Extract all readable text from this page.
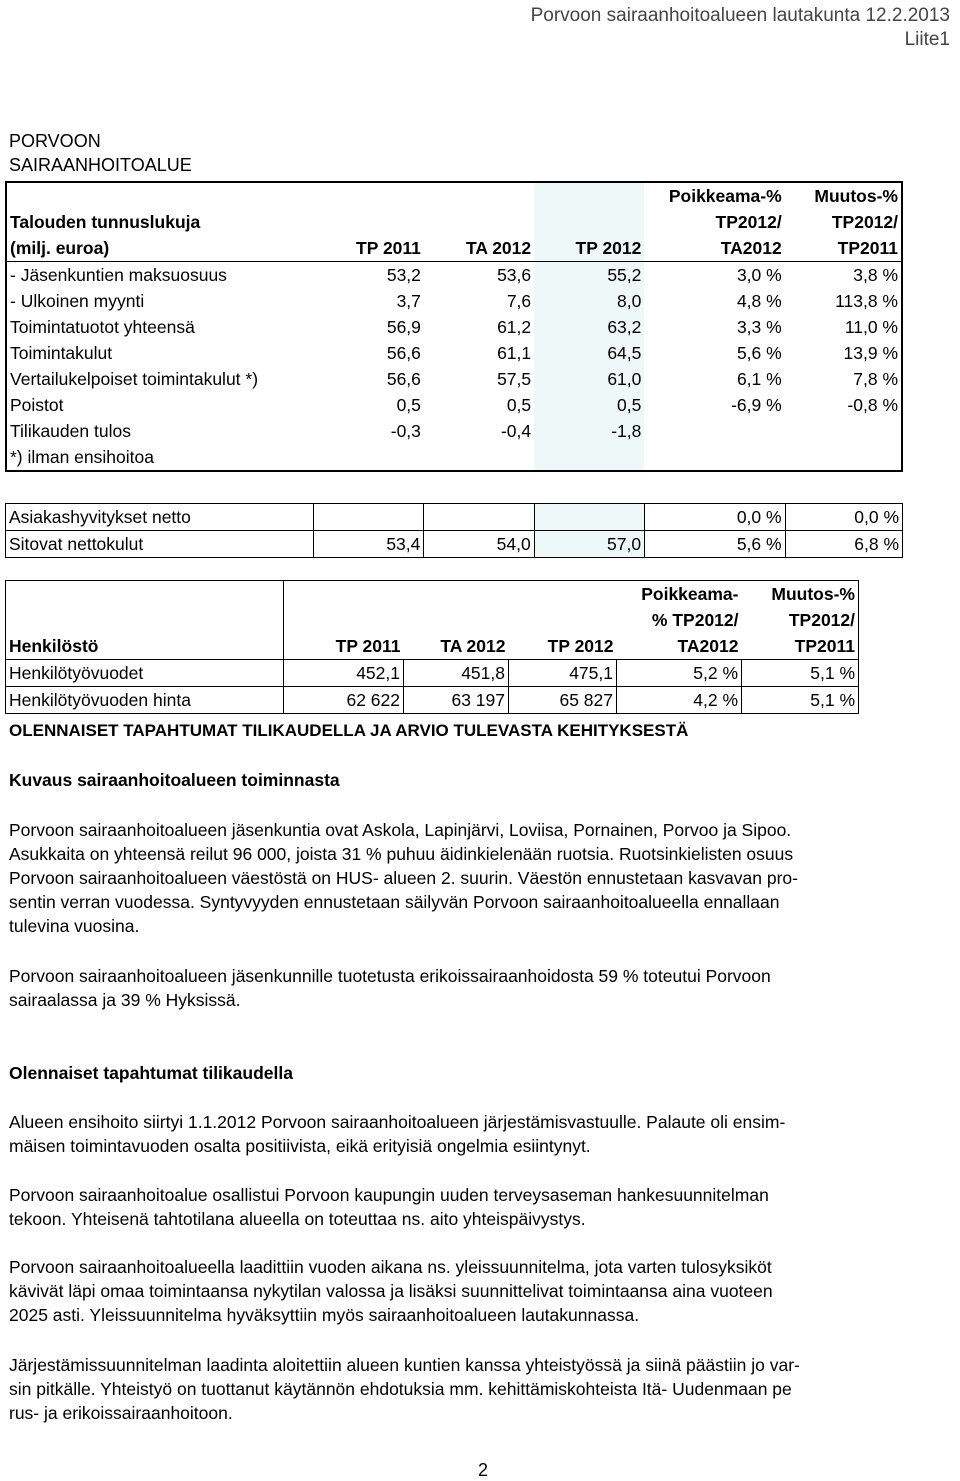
Porvoon sairaanhoitoalueen lautakunta 12.2.2013
Liite1
PORVOON
SAIRAANHOITOALUE
				Poikkeama-%	Muutos-%
Talouden tunnuslukuja				TP2012/	TP2012/
(milj. euroa)	TP 2011	TA 2012	TP 2012	TA2012	TP2011
- Jäsenkuntien maksuosuus	53,2	53,6	55,2	3,0 %	3,8 %
- Ulkoinen myynti	3,7	7,6	8,0	4,8 %	113,8 %
Toimintatuotot yhteensä	56,9	61,2	63,2	3,3 %	11,0 %
Toimintakulut	56,6	61,1	64,5	5,6 %	13,9 %
Vertailukelpoiset toimintakulut *)	56,6	57,5	61,0	6,1 %	7,8 %
Poistot	0,5	0,5	0,5	-6,9 %	-0,8 %
Tilikauden tulos	-0,3	-0,4	-1,8		
*) ilman ensihoitoa					
Asiakashyvitykset netto				0,0 %	0,0 %
Sitovat nettokulut	53,4	54,0	57,0	5,6 %	6,8 %
				Poikkeama-	Muutos-%
				% TP2012/	TP2012/
Henkilöstö	TP 2011	TA 2012	TP 2012	TA2012	TP2011
Henkilötyövuodet	452,1	451,8	475,1	5,2 %	5,1 %
Henkilötyövuoden hinta	62 622	63 197	65 827	4,2 %	5,1 %
OLENNAISET TAPAHTUMAT TILIKAUDELLA JA ARVIO TULEVASTA KEHITYKSESTÄ
Kuvaus sairaanhoitoalueen toiminnasta
Porvoon sairaanhoitoalueen jäsenkuntia ovat Askola, Lapinjärvi, Loviisa, Pornainen, Porvoo ja Sipoo.
Asukkaita on yhteensä reilut 96 000, joista 31 % puhuu äidinkielenään ruotsia. Ruotsinkielisten osuus
Porvoon sairaanhoitoalueen väestöstä on HUS- alueen 2. suurin. Väestön ennustetaan kasvavan pro-
sentin verran vuodessa. Syntyvyyden ennustetaan säilyvän Porvoon sairaanhoitoalueella ennallaan
tulevina vuosina.
Porvoon sairaanhoitoalueen jäsenkunnille tuotetusta erikoissairaanhoidosta 59 % toteutui Porvoon
sairaalassa ja 39 % Hyksissä.
Olennaiset tapahtumat tilikaudella
Alueen ensihoito siirtyi 1.1.2012 Porvoon sairaanhoitoalueen järjestämisvastuulle. Palaute oli ensim-
mäisen toimintavuoden osalta positiivista, eikä erityisiä ongelmia esiintynyt.
Porvoon sairaanhoitoalue osallistui Porvoon kaupungin uuden terveysaseman hankesuunnitelman
tekoon. Yhteisenä tahtotilana alueella on toteuttaa ns. aito yhteispäivystys.
Porvoon sairaanhoitoalueella laadittiin vuoden aikana ns. yleissuunnitelma, jota varten tulosyksiköt
kävivät läpi omaa toimintaansa nykytilan valossa ja lisäksi suunnittelivat toimintaansa aina vuoteen
2025 asti. Yleissuunnitelma hyväksyttiin myös sairaanhoitoalueen lautakunnassa.
Järjestämissuunnitelman laadinta aloitettiin alueen kuntien kanssa yhteistyössä ja siinä päästiin jo var-
sin pitkälle. Yhteistyö on tuottanut käytännön ehdotuksia mm. kehittämiskohteista Itä- Uudenmaan pe
rus- ja erikoissairaanhoitoon.
2
